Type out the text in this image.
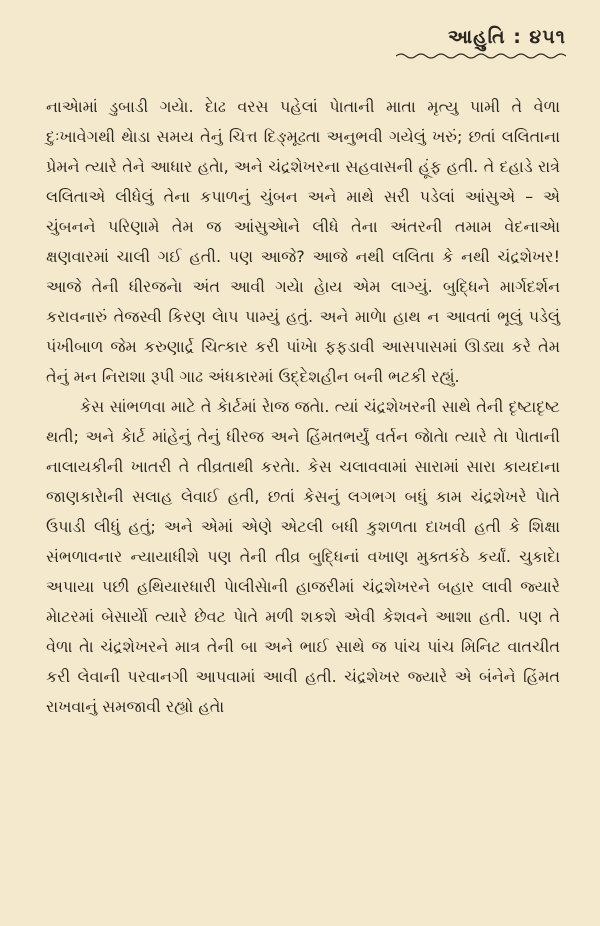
આહુતિ : ૪૫૧

નાએામાં ડુબાડી ગયેા. દેાઢ વરસ પહેલાં પેાતાની માતા મૃત્યુ પામી તે વેળા દુઃખાવેગથી થેાડા સમય તેનું ચિત્ત દિઙ્મૂઢતા અનુભવી ગયેલું ખરું; છતાં લલિતાના પ્રેમને ત્યારે તેને આધાર હતેા, અને ચંદ્રશેખરના સહવાસની હૂંફ હતી. તે દહાડે રાત્રે લલિતાએ લીધેલું તેના કપાળનું ચુંબન અને માથે સરી પડેલાં આંસુએ – એ ચુંબનને પરિણામે તેમ જ આંસુએાને લીધે તેના અંતરની તમામ વેદનાએા ક્ષણવારમાં ચાલી ગઈ હતી. પણ આજે? આજે નથી લલિતા કે નથી ચંદ્રશેખર! આજે તેની ધીરજનેા અંત આવી ગયેા હેાય એમ લાગ્યું. બુદ્ધિને માર્ગદર્શન કરાવનારું તેજસ્વી કિરણ લેાપ પામ્યું હતું. અને માળેા હાથ ન આવતાં ભૂલું પડેલું પંખીબાળ જેમ કરુણાર્દ્ર ચિત્કાર કરી પાંખેા ફફડાવી આસપાસમાં ઊડ્યા કરે તેમ તેનું મન નિરાશા રૂપી ગાઢ અંધકારમાં ઉદ્દેશહીન બની ભટકી રહ્યું.

કેસ સાંભળવા માટે તે કેાર્ટમાં રેાજ જતેા. ત્યાં ચંદ્રશેખરની સાથે તેની દૃષ્ટાદૃષ્ટ થતી; અને કેાર્ટ માંહેનું તેનું ધીરજ અને હિંમતભર્યું વર્તન જેાતેા ત્યારે તેા પેાતાની નાલાયકીની ખાતરી તે તીવ્રતાથી કરતેા. કેસ ચલાવવામાં સારામાં સારા કાયદાના જાણકારેાની સલાહ લેવાઈ હતી, છતાં કેસનું લગભગ બધું કામ ચંદ્રશેખરે પેાતે ઉપાડી લીધું હતું; અને એમાં એણે એટલી બધી કુશળતા દાખવી હતી કે શિક્ષા સંભળાવનાર ન્યાયાધીશે પણ તેની તીવ્ર બુદ્ધિનાં વખાણ મુક્તકંઠે કર્યાં. ચુકાદેા અપાયા પછી હથિયારધારી પેાલીસેાની હાજરીમાં ચંદ્રશેખરને બહાર લાવી જ્યારે મેાટરમાં બેસાર્યેા ત્યારે છેવટ પેાતે મળી શકશે એવી કેશવને આશા હતી. પણ તે વેળા તેા ચંદ્રશેખરને માત્ર તેની બા અને ભાઈ સાથે જ પાંચ પાંચ મિનિટ વાતચીત કરી લેવાની પરવાનગી આપવામાં આવી હતી. ચંદ્રશેખર જ્યારે એ બંનેને હિંમત રાખવાનું સમજાવી રહ્યો હતેા
